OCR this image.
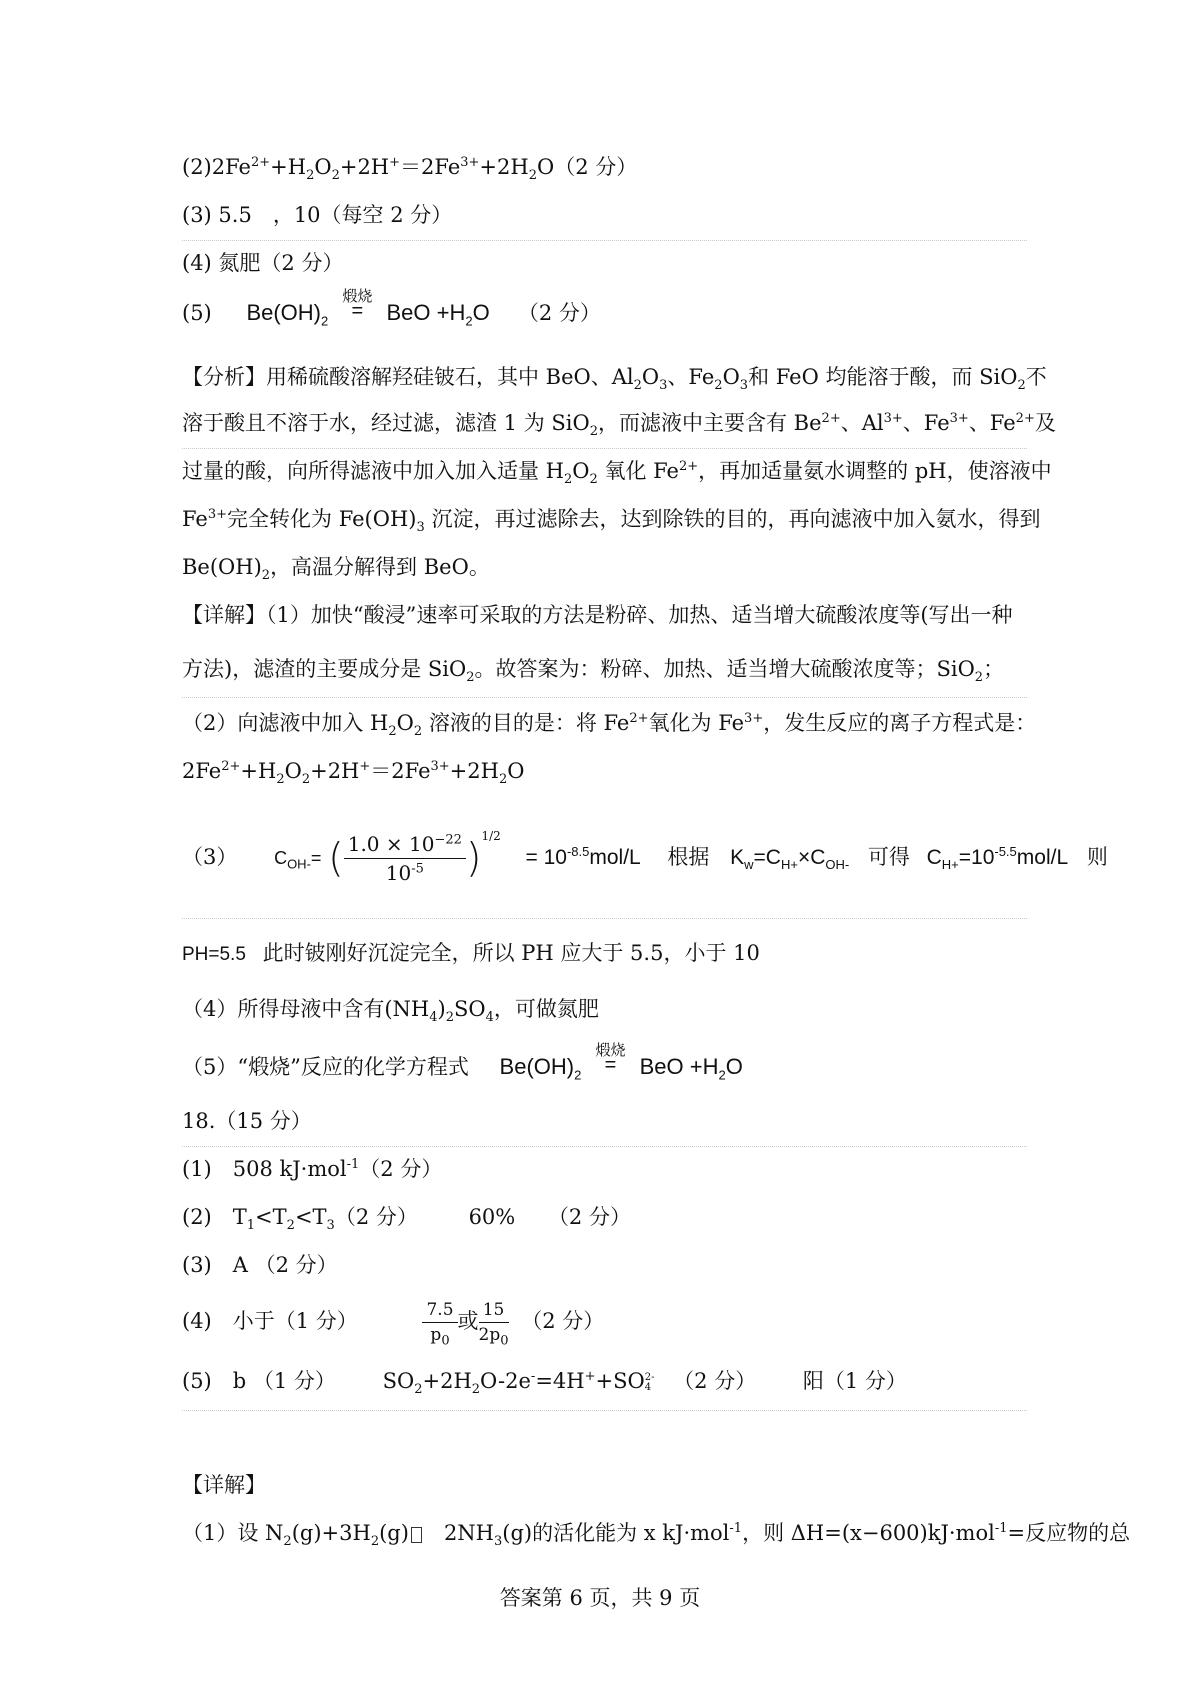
$(2)2Fe^{2+}+H_2O_2+2H^+=2Fe^{3+}+2H_2O(2$ 分）
(3) 5.5　，10（每空 2 分）
(4) 氮肥（2 分）
(5) $Be(OH)_2$
煅烧
=	BeO $+H_2O$ （2 分）
【分析】用稀硫酸溶解羟硅铍石，其中 BeO、$Al_2O_3$、$Fe_2O_3$和 FeO 均能溶于酸，而 SiO$_2$不
溶于酸且不溶于水，经过滤，滤渣 1 为 SiO$_2$，而滤液中主要含有 $Be^{2+}$、$Al^{3+}$、$Fe^{3+}$、$Fe^{2+}$及
过量的酸，向所得滤液中加入加入适量 $H_2O_2$ 氧化 $Fe^{2+}$，再加适量氨水调整的 pH，使溶液中
$Fe^{3+}$完全转化为 $Fe(OH)_3$ 沉淀，再过滤除去，达到除铁的目的，再向滤液中加入氨水，得到
$Be(OH)_2$，高温分解得到 BeO。
【详解】（1）加快“酸浸”速率可采取的方法是粉碎、加热、适当增大硫酸浓度等(写出一种
方法)，滤渣的主要成分是 SiO$_2$。故答案为：粉碎、加热、适当增大硫酸浓度等；SiO$_2$；
（2）向滤液中加入 $H_2O_2$ 溶液的目的是：将 $Fe^{2+}$氧化为 $Fe^{3+}$，发生反应的离子方程式是：
$2Fe^{2+}+H_2O_2+2H^+=2Fe^{3+}+2H_2O$
（3） $C_{OH-}=$ ( $\frac{1.0 \times 10^{-22}}{10^{-5}} )^{1/2} = 10^{-8.5}mol/L$ 根据 $K_w=C_{H+}\times C_{OH-}$ 可得 $C_{H+}=10^{-5.5}mol/L$ 则
PH=5.5 此时铍刚好沉淀完全，所以 PH 应大于 5.5，小于 10
（4）所得母液中含有$(NH_4)_2SO_4$，可做氮肥
（5）“煅烧”反应的化学方程式 $Be(OH)_2$
煅烧
=	BeO $+H_2O$
18.（15 分）
(1)　508 kJ·mol$^{-1}$（2 分）
(2)　$T_1<T_2<T_3(2$ 分） 60% （2 分）
(3)　A （2 分）
(4)　小于（1 分）	$\frac{7.5}{p_0}$ 或 $\frac{15}{2p_0} (2$ 分）
(5)　b （1 分） $SO_2+2H_2O-2e^-=4H^++SO$ 2-
4 （2 分） 阳（1 分）
【详解】
（1）设 $N_2(g)+3H_2(g)$ $2NH_3(g)$的活化能为 x kJ·mol$^{-1}$，则 ΔH=(x−600)kJ·mol$^{-1}$=反应物的总
答案第 6 页，共 9 页
